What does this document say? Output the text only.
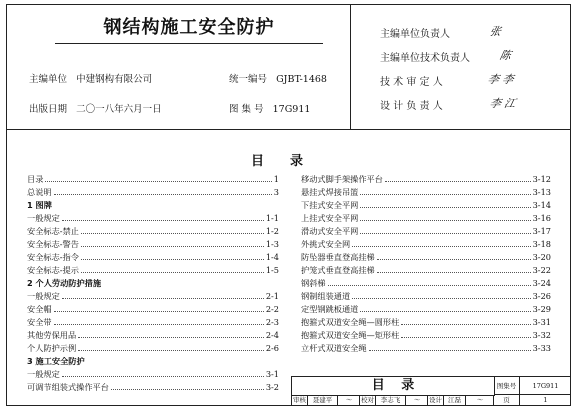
钢结构施工安全防护
主编单位 中建钢构有限公司	统一编号 GJBT-1468
出版日期 二〇一八年六月一日	图 集 号 17G911
主编单位负责人	张
主编单位技术负责人	陈
技 术 审 定 人	李 李
设 计 负 责 人	李 江
目 录
目录	1
总说明	3
1 图牌
一般规定	1-1
安全标志-禁止	1-2
安全标志-警告	1-3
安全标志-指令	1-4
安全标志-提示	1-5
2 个人劳动防护措施
一般规定	2-1
安全帽	2-2
安全带	2-3
其他劳保用品	2-4
个人防护示例	2-6
3 施工安全防护
一般规定	3-1
可调节组装式操作平台	3-2
移动式脚手架操作平台	3-12
悬挂式焊接吊篮	3-13
下挂式安全平网	3-14
上挂式安全平网	3-16
滑动式安全平网	3-17
外挑式安全网	3-18
防坠器垂直登高挂梯	3-20
护笼式垂直登高挂梯	3-22
钢斜梯	3-24
钢制组装通道	3-26
定型钢跳板通道	3-29
抱箍式双道安全绳—圆形柱	3-31
抱箍式双道安全绳—矩形柱	3-32
立杆式双道安全绳	3-33
目 录	图集号	17G911
审核	聂建平	～	校对	李志飞	～	设计 江磊	～	页	1
